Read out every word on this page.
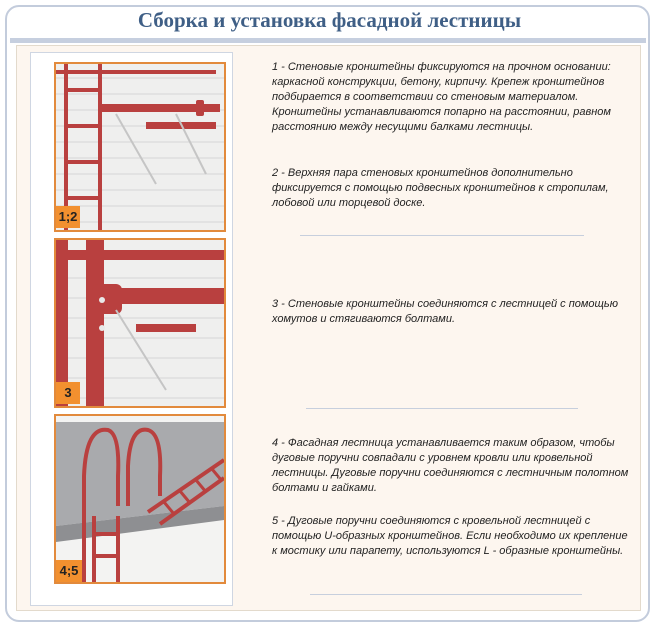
Сборка и установка фасадной лестницы
1;2
3
4;5
1 - Стеновые кронштейны фиксируются на прочном основании: каркасной конструкции, бетону, кирпичу. Крепеж кронштейнов подбирается в соответствии со стеновым материалом. Кронштейны устанавливаются попарно на расстоянии, равном расстоянию между несущими балками лестницы.
2 - Верхняя пара стеновых кронштейнов дополнительно фиксируется с помощью подвесных кронштейнов к стропилам, лобовой или торцевой доске.
3 - Стеновые кронштейны соединяются с лестницей с помощью хомутов и стягиваются болтами.
4 - Фасадная лестница устанавливается таким образом, чтобы дуговые поручни совпадали с уровнем кровли или кровельной лестницы. Дуговые поручни соединяются с лестничным полотном болтами и гайками.
5 - Дуговые поручни соединяются с кровельной лестницей с помощью U-образных кронштейнов. Если необходимо их крепление к мостику или парапету, используются L - образные кронштейны.
